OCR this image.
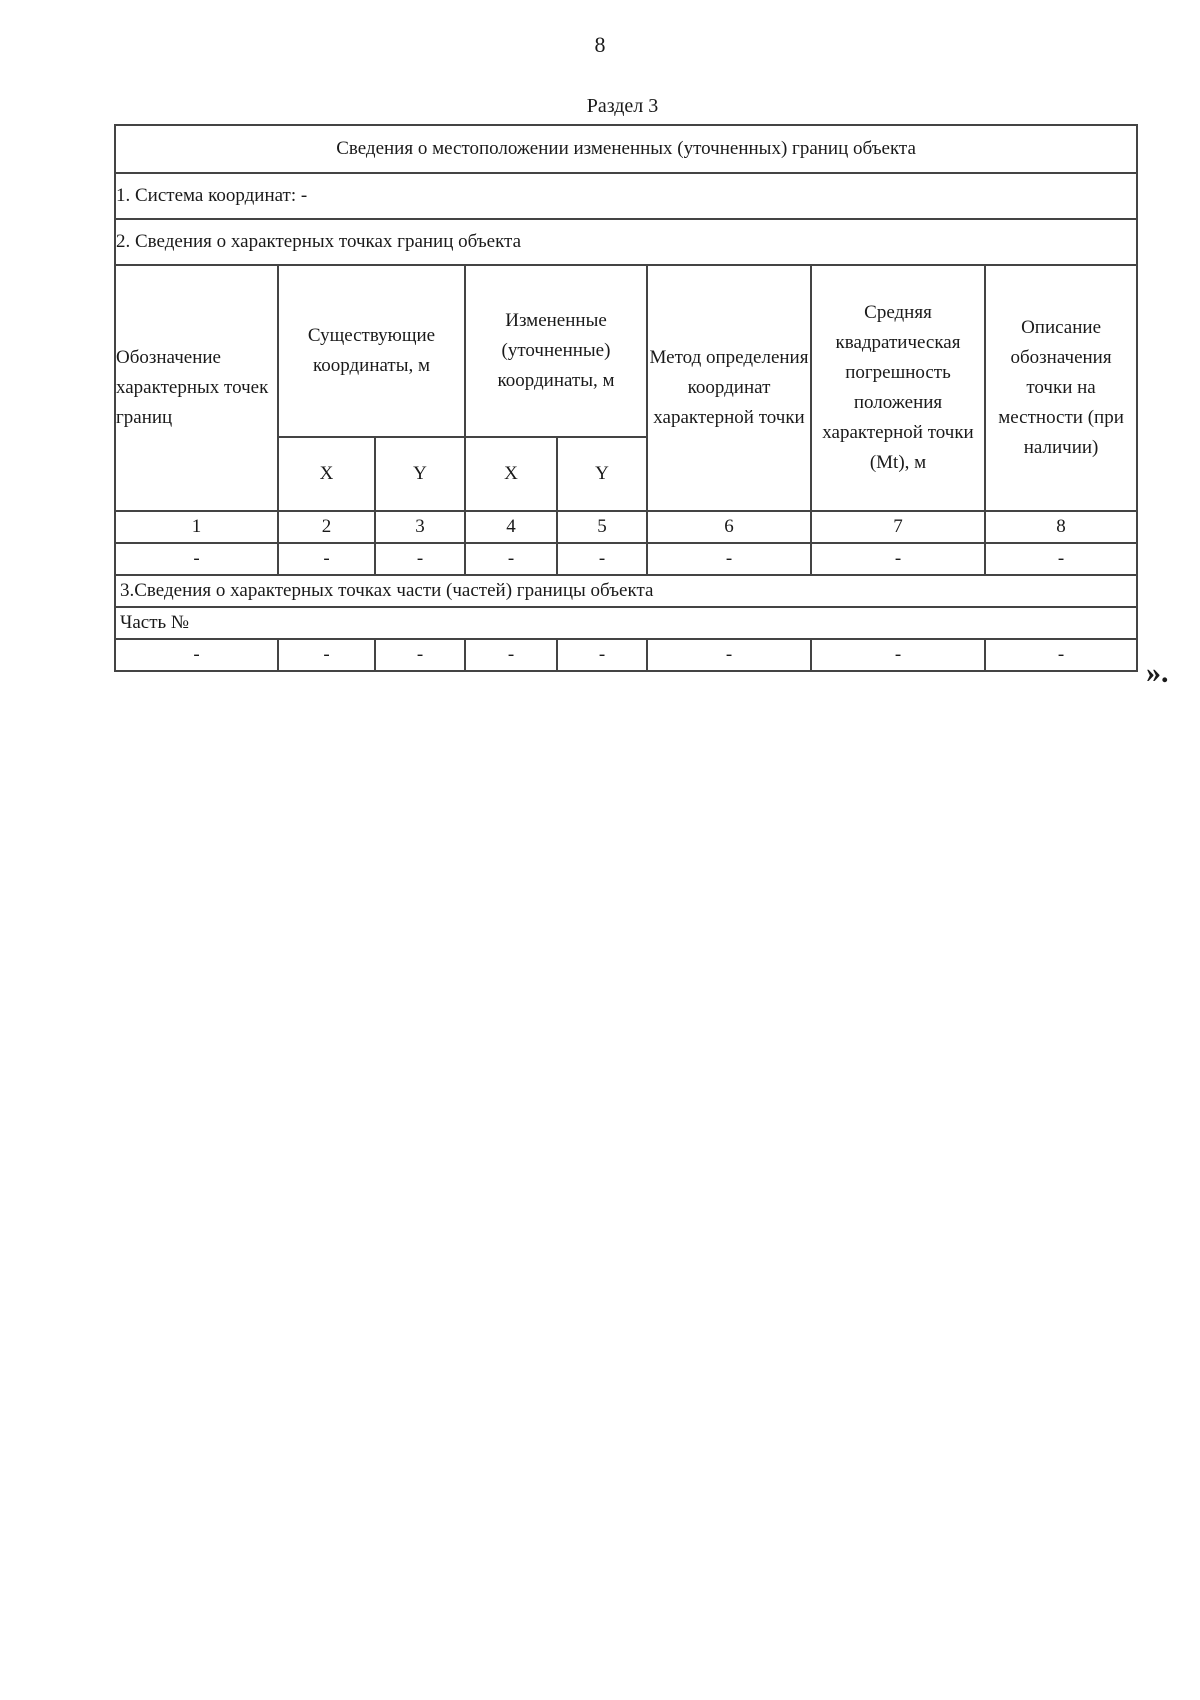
8
Раздел 3
Сведения о местоположении измененных (уточненных) границ объекта							
1. Система координат: -							
2. Сведения о характерных точках границ объекта							
Обозначение характерных точек границ	Существующие координаты, м		Измененные (уточненные) координаты, м		Метод определения координат характерной точки	Средняя квадратическая погрешность положения характерной точки (Mt), м	Описание обозначения точки на местности (при наличии)
	X	Y	X	Y			
1	2	3	4	5	6	7	8
-	-	-	-	-	-	-	-
3.Сведения о характерных точках части (частей) границы объекта							
Часть №							
-	-	-	-	-	-	-	-
».
